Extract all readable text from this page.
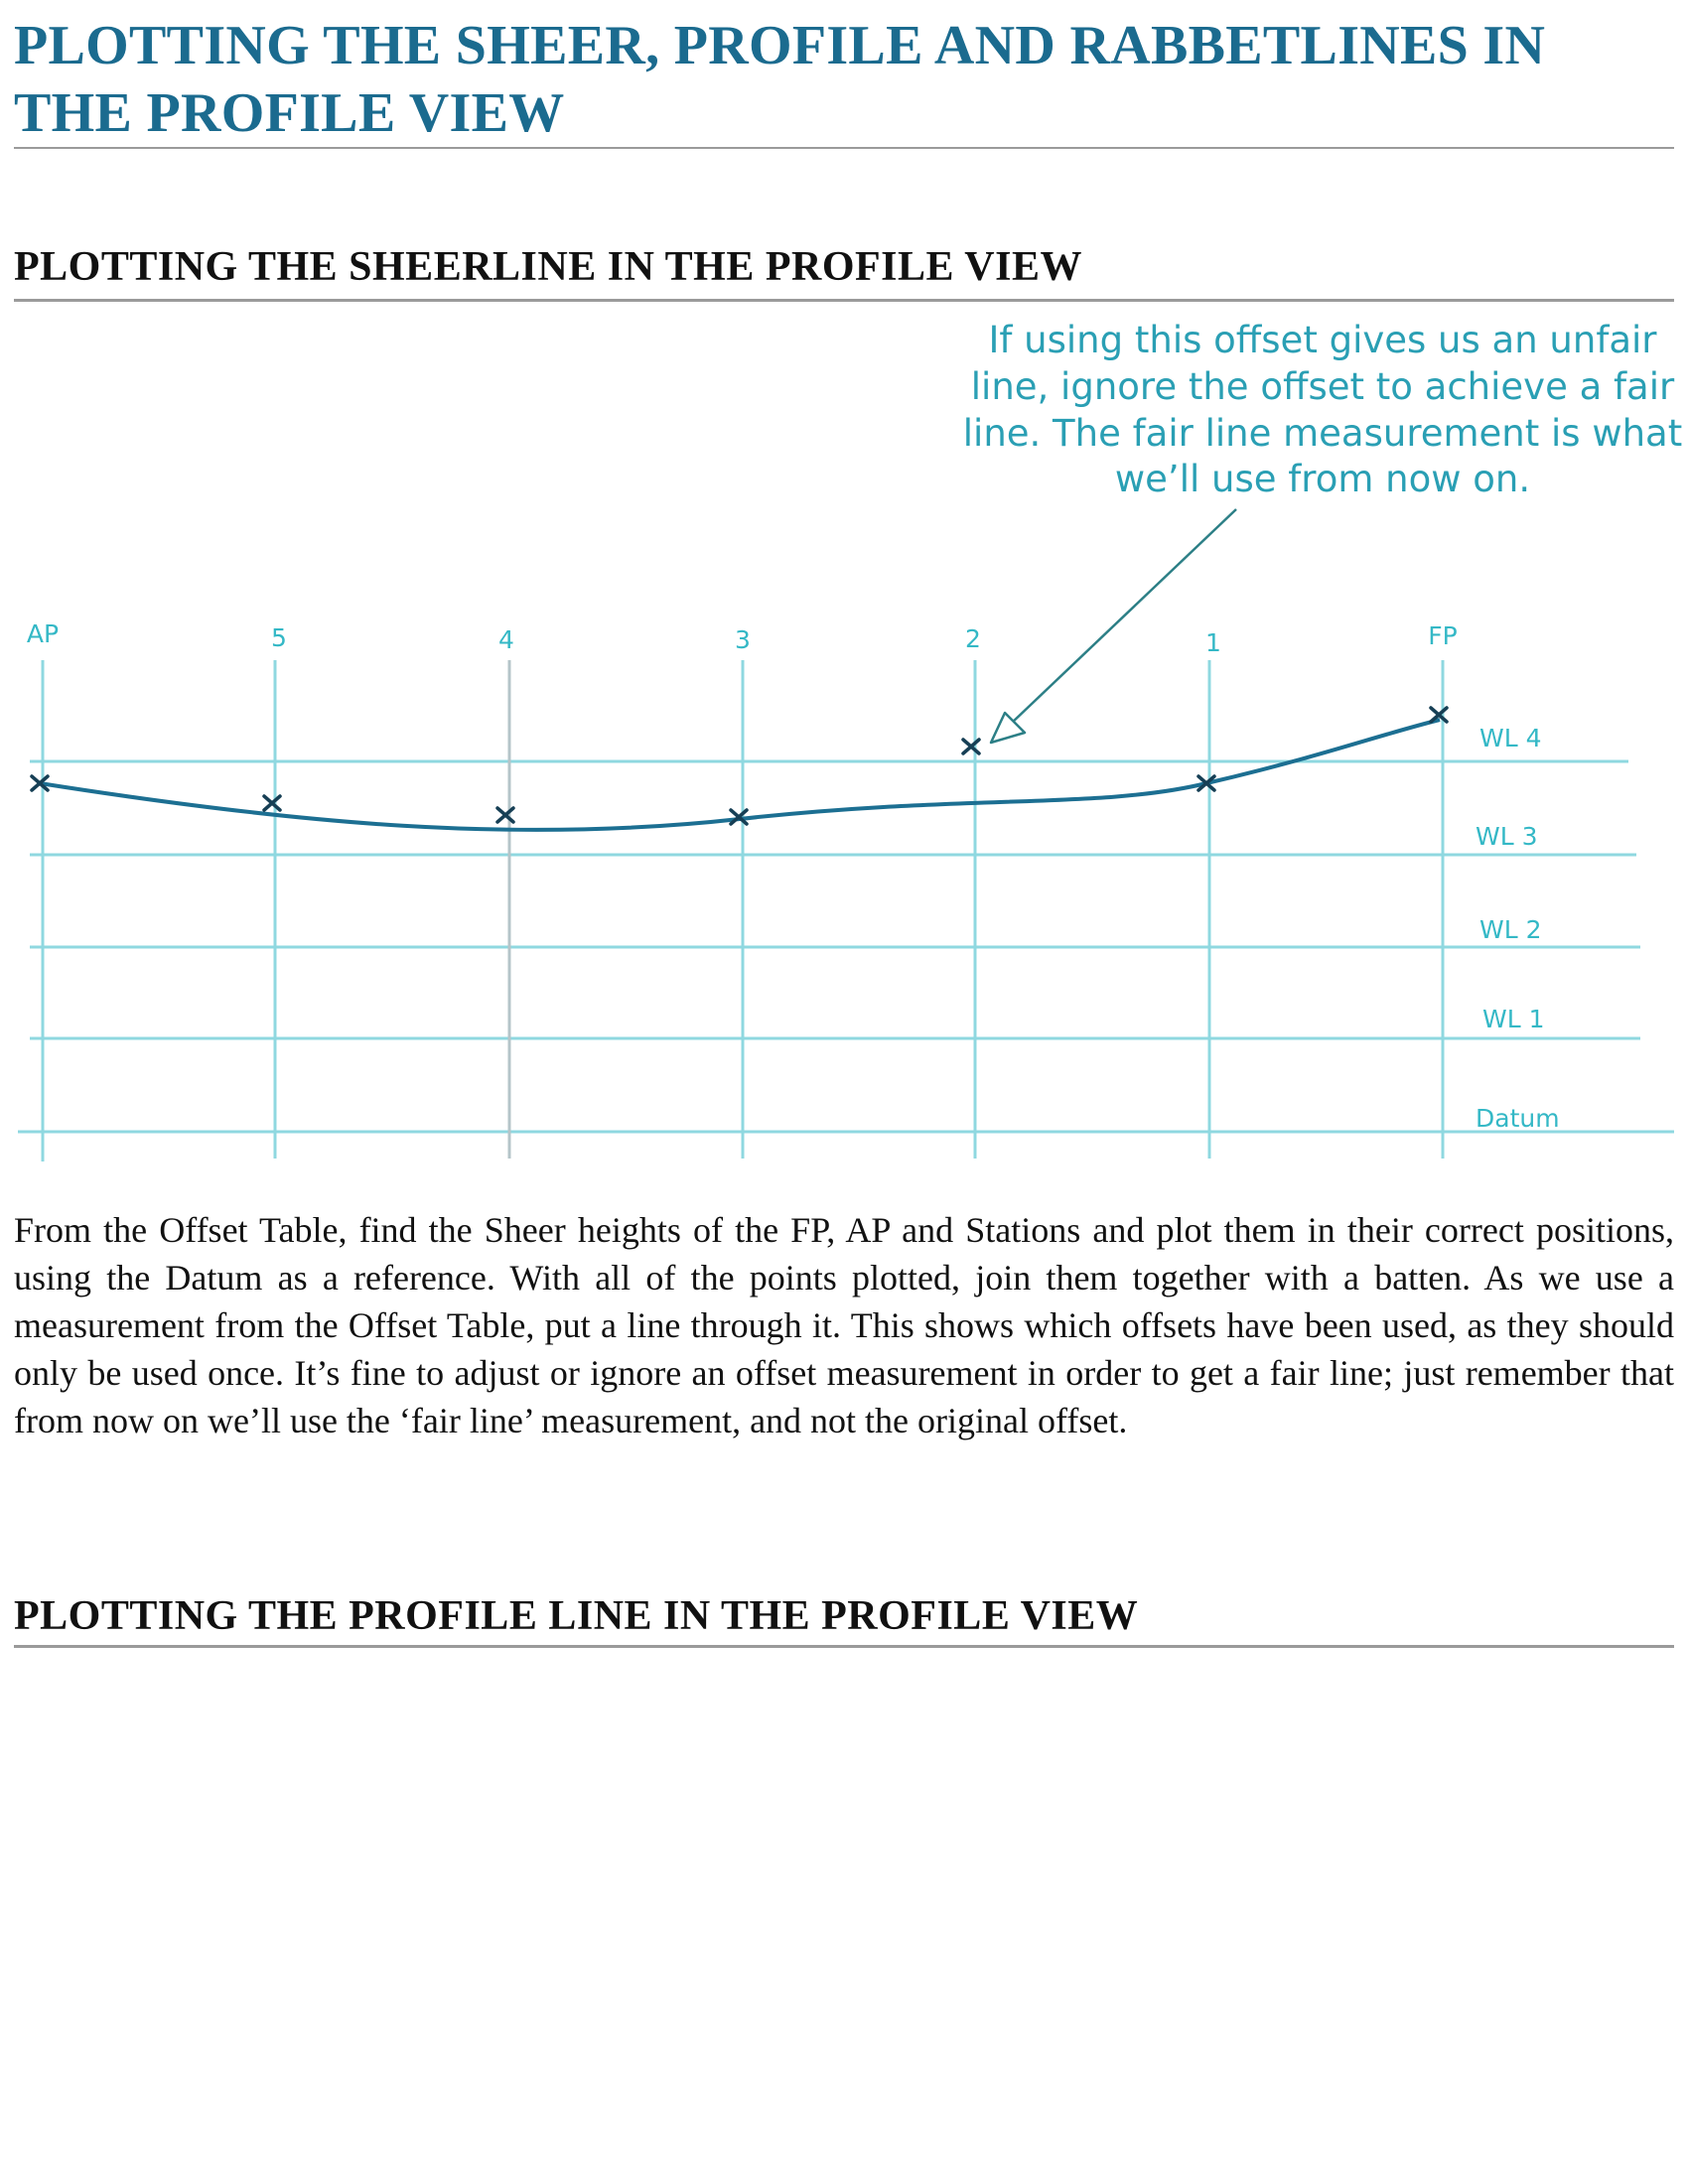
PLOTTING THE SHEER, PROFILE AND RABBETLINES IN THE PROFILE VIEW
PLOTTING THE SHEERLINE IN THE PROFILE VIEW
If using this offset gives us an unfair
line, ignore the offset to achieve a fair
line. The fair line measurement is what
we’ll use from now on.
AP	5	4	3	2	1	FP
WL 4
WL 3
WL 2
WL 1
Datum

From the Offset Table, find the Sheer heights of the FP, AP and Stations and plot them in their correct positions, using the Datum as a reference. With all of the points plotted, join them together with a batten. As we use a measurement from the Offset Table, put a line through it. This shows which offsets have been used, as they should only be used once. It’s fine to adjust or ignore an offset measurement in order to get a fair line; just remember that from now on we’ll use the ‘fair line’ measurement, and not the original offset.

PLOTTING THE PROFILE LINE IN THE PROFILE VIEW
